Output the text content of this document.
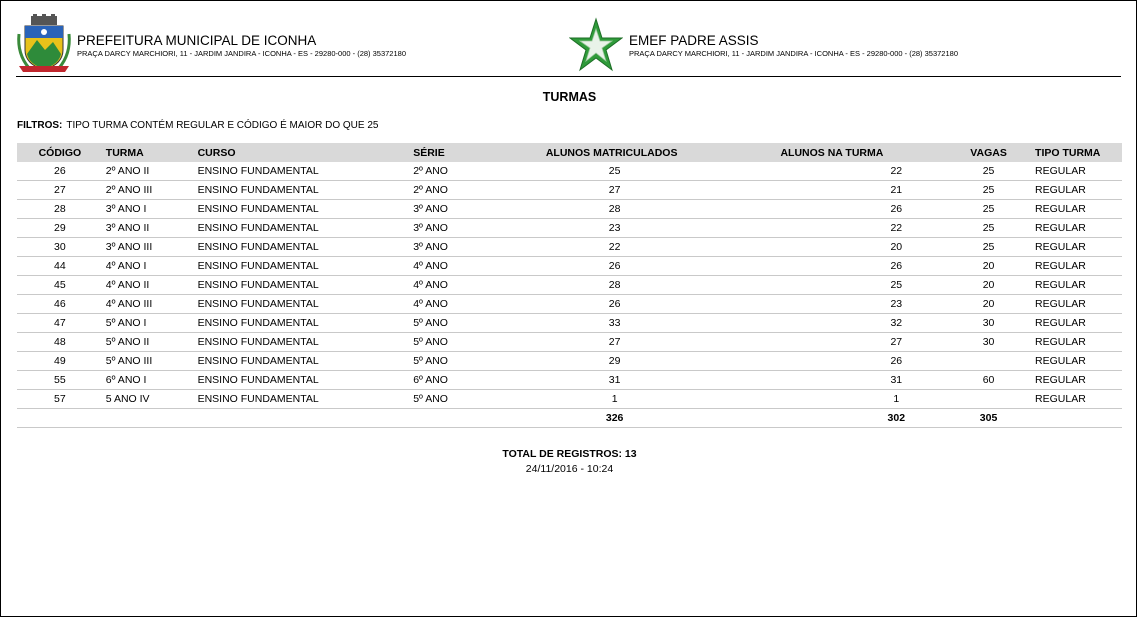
PREFEITURA MUNICIPAL DE ICONHA
PRAÇA DARCY MARCHIORI, 11 - JARDIM JANDIRA - ICONHA - ES - 29280-000 - (28) 35372180
EMEF PADRE ASSIS
PRAÇA DARCY MARCHIORI, 11 - JARDIM JANDIRA - ICONHA - ES - 29280-000 - (28) 35372180
TURMAS
FILTROS: TIPO TURMA CONTÉM REGULAR E CÓDIGO É MAIOR DO QUE 25
CÓDIGO	TURMA	CURSO	SÉRIE	ALUNOS MATRICULADOS	ALUNOS NA TURMA	VAGAS	TIPO TURMA
26	2º ANO II	ENSINO FUNDAMENTAL	2º ANO	25	22	25	REGULAR
27	2º ANO III	ENSINO FUNDAMENTAL	2º ANO	27	21	25	REGULAR
28	3º ANO I	ENSINO FUNDAMENTAL	3º ANO	28	26	25	REGULAR
29	3º ANO II	ENSINO FUNDAMENTAL	3º ANO	23	22	25	REGULAR
30	3º ANO III	ENSINO FUNDAMENTAL	3º ANO	22	20	25	REGULAR
44	4º ANO I	ENSINO FUNDAMENTAL	4º ANO	26	26	20	REGULAR
45	4º ANO II	ENSINO FUNDAMENTAL	4º ANO	28	25	20	REGULAR
46	4º ANO III	ENSINO FUNDAMENTAL	4º ANO	26	23	20	REGULAR
47	5º ANO I	ENSINO FUNDAMENTAL	5º ANO	33	32	30	REGULAR
48	5º ANO II	ENSINO FUNDAMENTAL	5º ANO	27	27	30	REGULAR
49	5º ANO III	ENSINO FUNDAMENTAL	5º ANO	29	26		REGULAR
55	6º ANO I	ENSINO FUNDAMENTAL	6º ANO	31	31	60	REGULAR
57	5 ANO IV	ENSINO FUNDAMENTAL	5º ANO	1	1		REGULAR
				326	302	305	
TOTAL DE REGISTROS: 13
24/11/2016 - 10:24
